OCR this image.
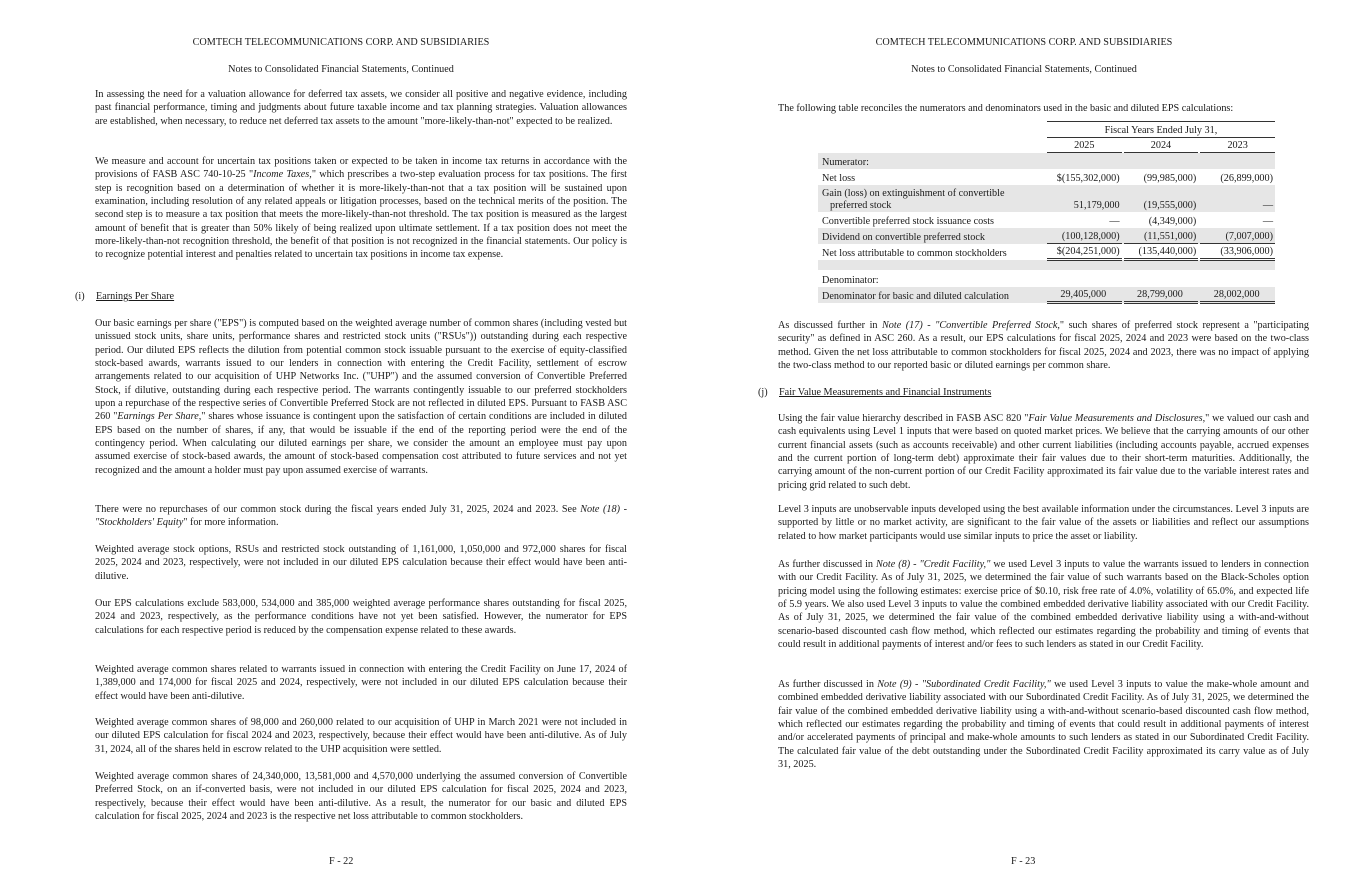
COMTECH TELECOMMUNICATIONS CORP. AND SUBSIDIARIES
Notes to Consolidated Financial Statements, Continued

In assessing the need for a valuation allowance for deferred tax assets, we consider all positive and negative evidence, including past financial performance, timing and judgments about future taxable income and tax planning strategies. Valuation allowances are established, when necessary, to reduce net deferred tax assets to the amount "more-likely-than-not" expected to be realized.

We measure and account for uncertain tax positions taken or expected to be taken in income tax returns in accordance with the provisions of FASB ASC 740-10-25 "Income Taxes," which prescribes a two-step evaluation process for tax positions. The first step is recognition based on a determination of whether it is more-likely-than-not that a tax position will be sustained upon examination, including resolution of any related appeals or litigation processes, based on the technical merits of the position. The second step is to measure a tax position that meets the more-likely-than-not threshold. The tax position is measured as the largest amount of benefit that is greater than 50% likely of being realized upon ultimate settlement. If a tax position does not meet the more-likely-than-not recognition threshold, the benefit of that position is not recognized in the financial statements. Our policy is to recognize potential interest and penalties related to uncertain tax positions in income tax expense.

(i) Earnings Per Share

Our basic earnings per share ("EPS") is computed based on the weighted average number of common shares (including vested but unissued stock units, share units, performance shares and restricted stock units ("RSUs")) outstanding during each respective period. Our diluted EPS reflects the dilution from potential common stock issuable pursuant to the exercise of equity-classified stock-based awards, warrants issued to our lenders in connection with entering the Credit Facility, settlement of escrow arrangements related to our acquisition of UHP Networks Inc. ("UHP") and the assumed conversion of Convertible Preferred Stock, if dilutive, outstanding during each respective period. The warrants contingently issuable to our preferred stockholders upon a repurchase of the respective series of Convertible Preferred Stock are not reflected in diluted EPS. Pursuant to FASB ASC 260 "Earnings Per Share," shares whose issuance is contingent upon the satisfaction of certain conditions are included in diluted EPS based on the number of shares, if any, that would be issuable if the end of the reporting period were the end of the contingency period. When calculating our diluted earnings per share, we consider the amount an employee must pay upon assumed exercise of stock-based awards, the amount of stock-based compensation cost attributed to future services and not yet recognized and the amount a holder must pay upon assumed exercise of warrants.

There were no repurchases of our common stock during the fiscal years ended July 31, 2025, 2024 and 2023. See Note (18) - "Stockholders' Equity" for more information.

Weighted average stock options, RSUs and restricted stock outstanding of 1,161,000, 1,050,000 and 972,000 shares for fiscal 2025, 2024 and 2023, respectively, were not included in our diluted EPS calculation because their effect would have been anti-dilutive.

Our EPS calculations exclude 583,000, 534,000 and 385,000 weighted average performance shares outstanding for fiscal 2025, 2024 and 2023, respectively, as the performance conditions have not yet been satisfied. However, the numerator for EPS calculations for each respective period is reduced by the compensation expense related to these awards.

Weighted average common shares related to warrants issued in connection with entering the Credit Facility on June 17, 2024 of 1,389,000 and 174,000 for fiscal 2025 and 2024, respectively, were not included in our diluted EPS calculation because their effect would have been anti-dilutive.

Weighted average common shares of 98,000 and 260,000 related to our acquisition of UHP in March 2021 were not included in our diluted EPS calculation for fiscal 2024 and 2023, respectively, because their effect would have been anti-dilutive. As of July 31, 2024, all of the shares held in escrow related to the UHP acquisition were settled.

Weighted average common shares of 24,340,000, 13,581,000 and 4,570,000 underlying the assumed conversion of Convertible Preferred Stock, on an if-converted basis, were not included in our diluted EPS calculation for fiscal 2025, 2024 and 2023, respectively, because their effect would have been anti-dilutive. As a result, the numerator for our basic and diluted EPS calculation for fiscal 2025, 2024 and 2023 is the respective net loss attributable to common stockholders.

F - 22
COMTECH TELECOMMUNICATIONS CORP. AND SUBSIDIARIES
Notes to Consolidated Financial Statements, Continued

The following table reconciles the numerators and denominators used in the basic and diluted EPS calculations:

		Fiscal Years Ended July 31,				
		2025		2024		2023
Numerator:						
Net loss		$(155,302,000)		(99,985,000)		(26,899,000)
Gain (loss) on extinguishment of convertible
preferred stock		51,179,000		(19,555,000)		—
Convertible preferred stock issuance costs		—		(4,349,000)		—
Dividend on convertible preferred stock		(100,128,000)		(11,551,000)		(7,007,000)
Net loss attributable to common stockholders		$(204,251,000)		(135,440,000)		(33,906,000)

Denominator:						
Denominator for basic and diluted calculation		29,405,000		28,799,000		28,002,000

As discussed further in Note (17) - "Convertible Preferred Stock," such shares of preferred stock represent a "participating security" as defined in ASC 260. As a result, our EPS calculations for fiscal 2025, 2024 and 2023 were based on the two-class method. Given the net loss attributable to common stockholders for fiscal 2025, 2024 and 2023, there was no impact of applying the two-class method to our reported basic or diluted earnings per common share.

(j) Fair Value Measurements and Financial Instruments

Using the fair value hierarchy described in FASB ASC 820 "Fair Value Measurements and Disclosures," we valued our cash and cash equivalents using Level 1 inputs that were based on quoted market prices. We believe that the carrying amounts of our other current financial assets (such as accounts receivable) and other current liabilities (including accounts payable, accrued expenses and the current portion of long-term debt) approximate their fair values due to their short-term maturities. Additionally, the carrying amount of the non-current portion of our Credit Facility approximated its fair value due to the variable interest rates and pricing grid related to such debt.

Level 3 inputs are unobservable inputs developed using the best available information under the circumstances. Level 3 inputs are supported by little or no market activity, are significant to the fair value of the assets or liabilities and reflect our assumptions related to how market participants would use similar inputs to price the asset or liability.

As further discussed in Note (8) - "Credit Facility," we used Level 3 inputs to value the warrants issued to lenders in connection with our Credit Facility. As of July 31, 2025, we determined the fair value of such warrants based on the Black-Scholes option pricing model using the following estimates: exercise price of $0.10, risk free rate of 4.0%, volatility of 65.0%, and expected life of 5.9 years. We also used Level 3 inputs to value the combined embedded derivative liability associated with our Credit Facility. As of July 31, 2025, we determined the fair value of the combined embedded derivative liability using a with-and-without scenario-based discounted cash flow method, which reflected our estimates regarding the probability and timing of events that could result in additional payments of interest and/or fees to such lenders as stated in our Credit Facility.

As further discussed in Note (9) - "Subordinated Credit Facility," we used Level 3 inputs to value the make-whole amount and combined embedded derivative liability associated with our Subordinated Credit Facility. As of July 31, 2025, we determined the fair value of the combined embedded derivative liability using a with-and-without scenario-based discounted cash flow method, which reflected our estimates regarding the probability and timing of events that could result in additional payments of interest and/or accelerated payments of principal and make-whole amounts to such lenders as stated in our Subordinated Credit Facility. The calculated fair value of the debt outstanding under the Subordinated Credit Facility approximated its carry value as of July 31, 2025.

F - 23
